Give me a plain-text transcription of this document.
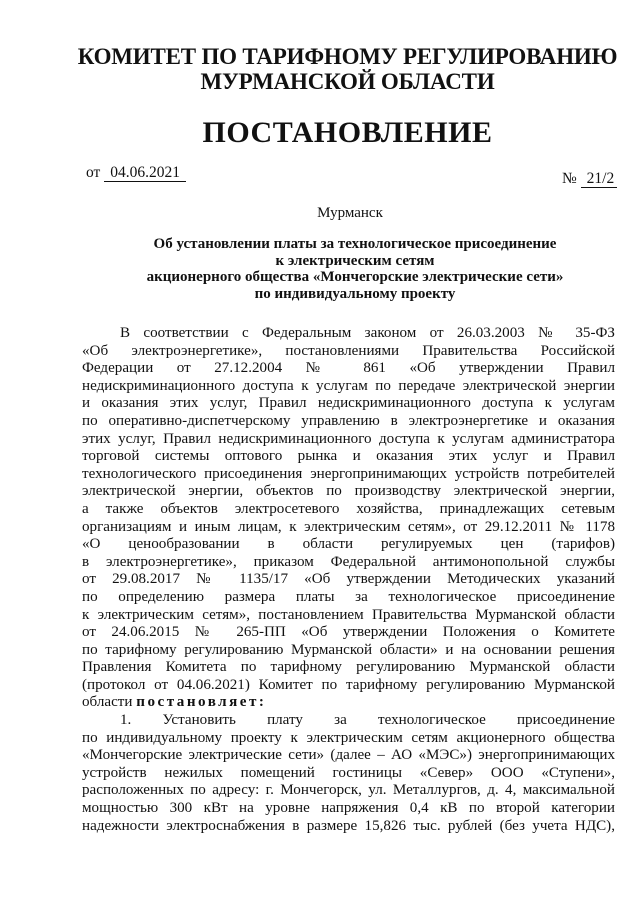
КОМИТЕТ ПО ТАРИФНОМУ РЕГУЛИРОВАНИЮ
МУРМАНСКОЙ ОБЛАСТИ
ПОСТАНОВЛЕНИЕ
от 04.06.2021	№ 21/2
Мурманск
Об установлении платы за технологическое присоединение
к электрическим сетям
акционерного общества «Мончегорские электрические сети»
по индивидуальному проекту
В соответствии с Федеральным законом от 26.03.2003 № 35-ФЗ
«Об электроэнергетике», постановлениями Правительства Российской
Федерации от 27.12.2004 № 861 «Об утверждении Правил
недискриминационного доступа к услугам по передаче электрической энергии
и оказания этих услуг, Правил недискриминационного доступа к услугам
по оперативно-диспетчерскому управлению в электроэнергетике и оказания
этих услуг, Правил недискриминационного доступа к услугам администратора
торговой системы оптового рынка и оказания этих услуг и Правил
технологического присоединения энергопринимающих устройств потребителей
электрической энергии, объектов по производству электрической энергии,
а также объектов электросетевого хозяйства, принадлежащих сетевым
организациям и иным лицам, к электрическим сетям», от 29.12.2011 № 1178
«О ценообразовании в области регулируемых цен (тарифов)
в электроэнергетике», приказом Федеральной антимонопольной службы
от 29.08.2017 № 1135/17 «Об утверждении Методических указаний
по определению размера платы за технологическое присоединение
к электрическим сетям», постановлением Правительства Мурманской области
от 24.06.2015 № 265-ПП «Об утверждении Положения о Комитете
по тарифному регулированию Мурманской области» и на основании решения
Правления Комитета по тарифному регулированию Мурманской области
(протокол от 04.06.2021) Комитет по тарифному регулированию Мурманской
области постановляет:
1. Установить плату за технологическое присоединение
по индивидуальному проекту к электрическим сетям акционерного общества
«Мончегорские электрические сети» (далее – АО «МЭС») энергопринимающих
устройств нежилых помещений гостиницы «Север» ООО «Ступени»,
расположенных по адресу: г. Мончегорск, ул. Металлургов, д. 4, максимальной
мощностью 300 кВт на уровне напряжения 0,4 кВ по второй категории
надежности электроснабжения в размере 15,826 тыс. рублей (без учета НДС),
